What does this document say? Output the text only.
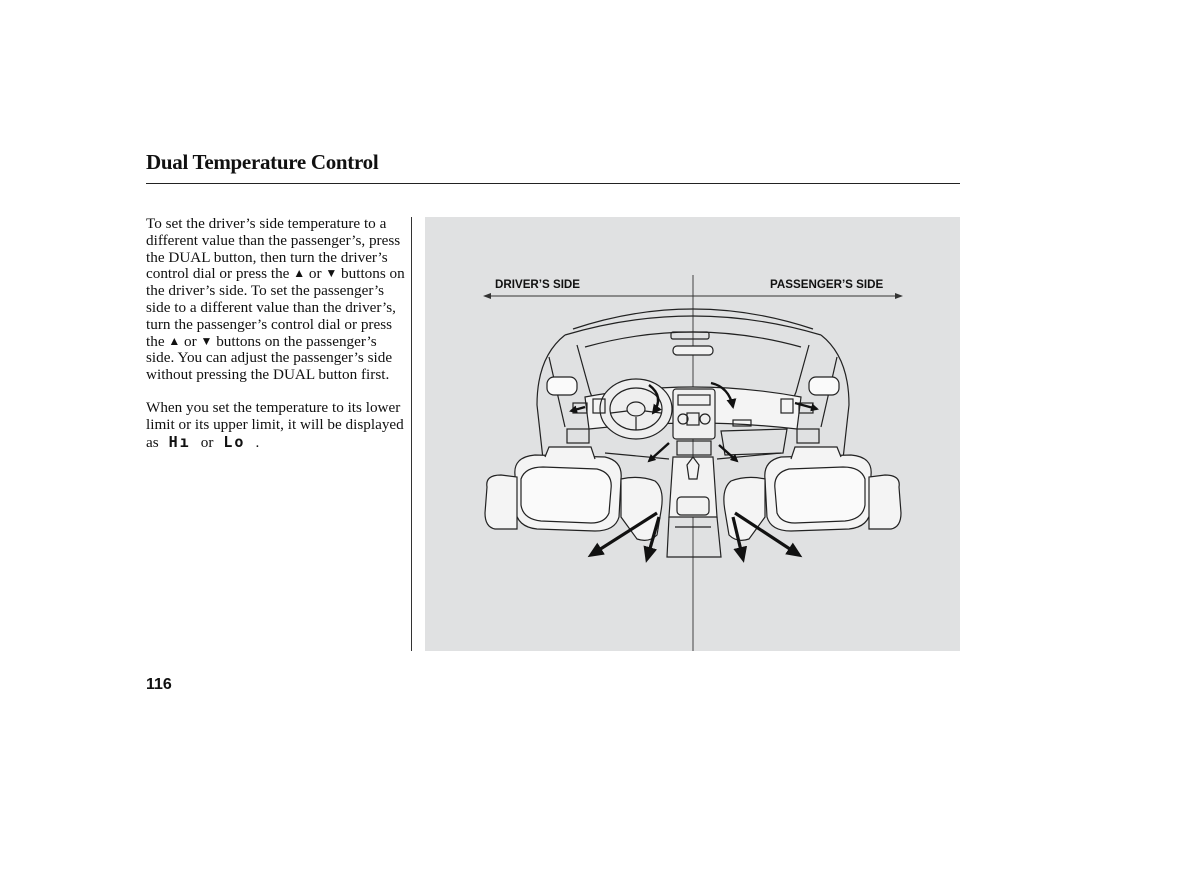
Dual Temperature Control

To set the driver’s side temperature to a different value than the passenger’s, press the DUAL button, then turn the driver’s control dial or press the ▲ or ▼ buttons on the driver’s side. To set the passenger’s side to a different value than the driver’s, turn the passenger’s control dial or press the ▲ or ▼ buttons on the passenger’s side. You can adjust the passenger’s side without pressing the DUAL button first.

When you set the temperature to its lower limit or its upper limit, it will be displayed as Hı or Lo .

DRIVER’S SIDE	PASSENGER’S SIDE
116
